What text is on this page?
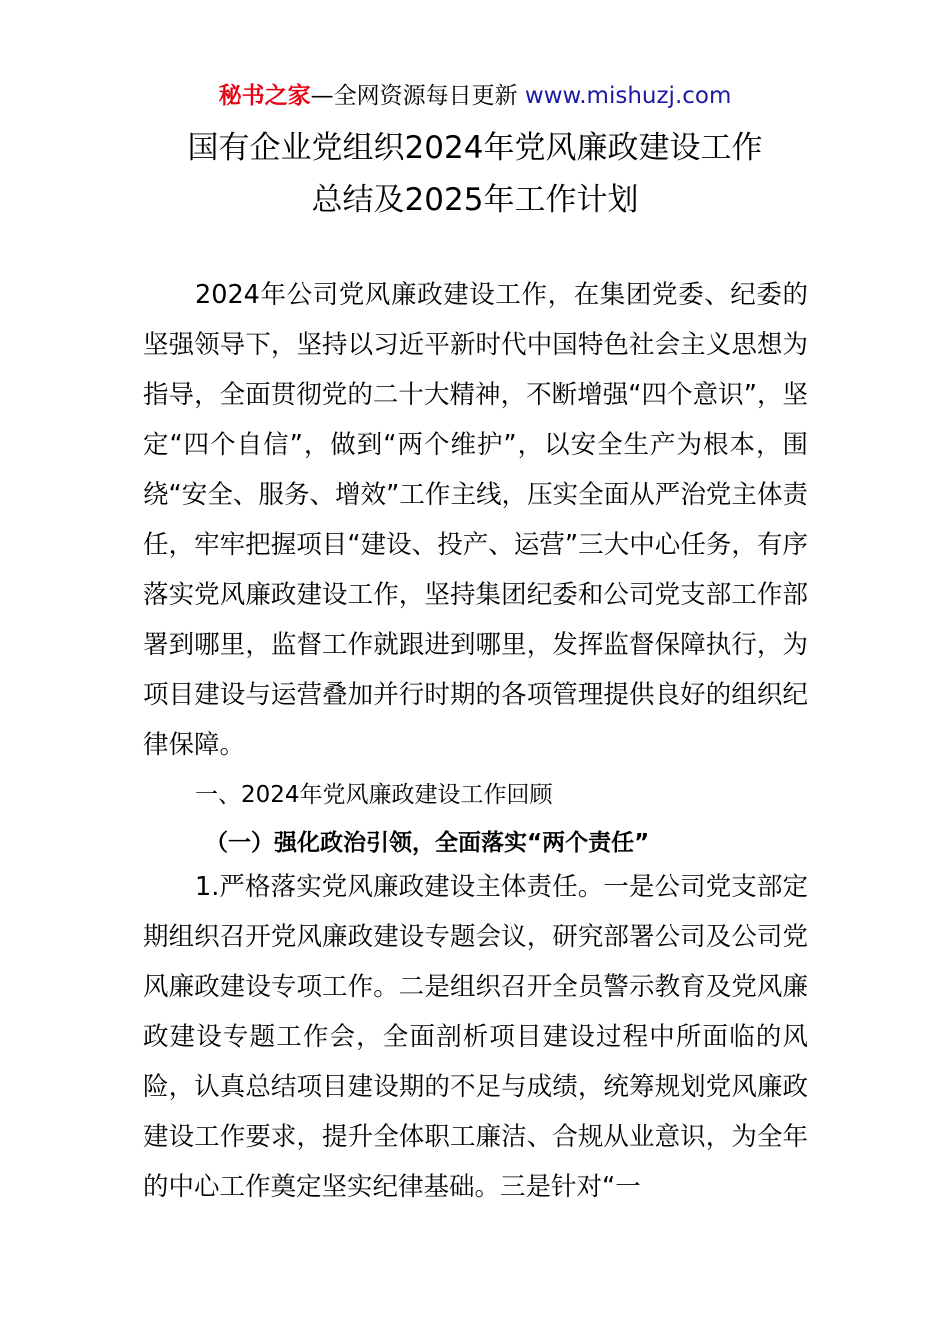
秘书之家—全网资源每日更新 www.mishuzj.com
国有企业党组织2024年党风廉政建设工作
总结及2025年工作计划
2024年公司党风廉政建设工作，在集团党委、纪委的坚强领导下，坚持以习近平新时代中国特色社会主义思想为指导，全面贯彻党的二十大精神，不断增强“四个意识”，坚定“四个自信”，做到“两个维护”，以安全生产为根本，围绕“安全、服务、增效”工作主线，压实全面从严治党主体责任，牢牢把握项目“建设、投产、运营”三大中心任务，有序落实党风廉政建设工作，坚持集团纪委和公司党支部工作部署到哪里，监督工作就跟进到哪里，发挥监督保障执行，为项目建设与运营叠加并行时期的各项管理提供良好的组织纪律保障。
一、2024年党风廉政建设工作回顾
（一）强化政治引领，全面落实“两个责任”
1.严格落实党风廉政建设主体责任。一是公司党支部定期组织召开党风廉政建设专题会议，研究部署公司及公司党风廉政建设专项工作。二是组织召开全员警示教育及党风廉政建设专题工作会，全面剖析项目建设过程中所面临的风险，认真总结项目建设期的不足与成绩，统筹规划党风廉政建设工作要求，提升全体职工廉洁、合规从业意识，为全年的中心工作奠定坚实纪律基础。三是针对“一
